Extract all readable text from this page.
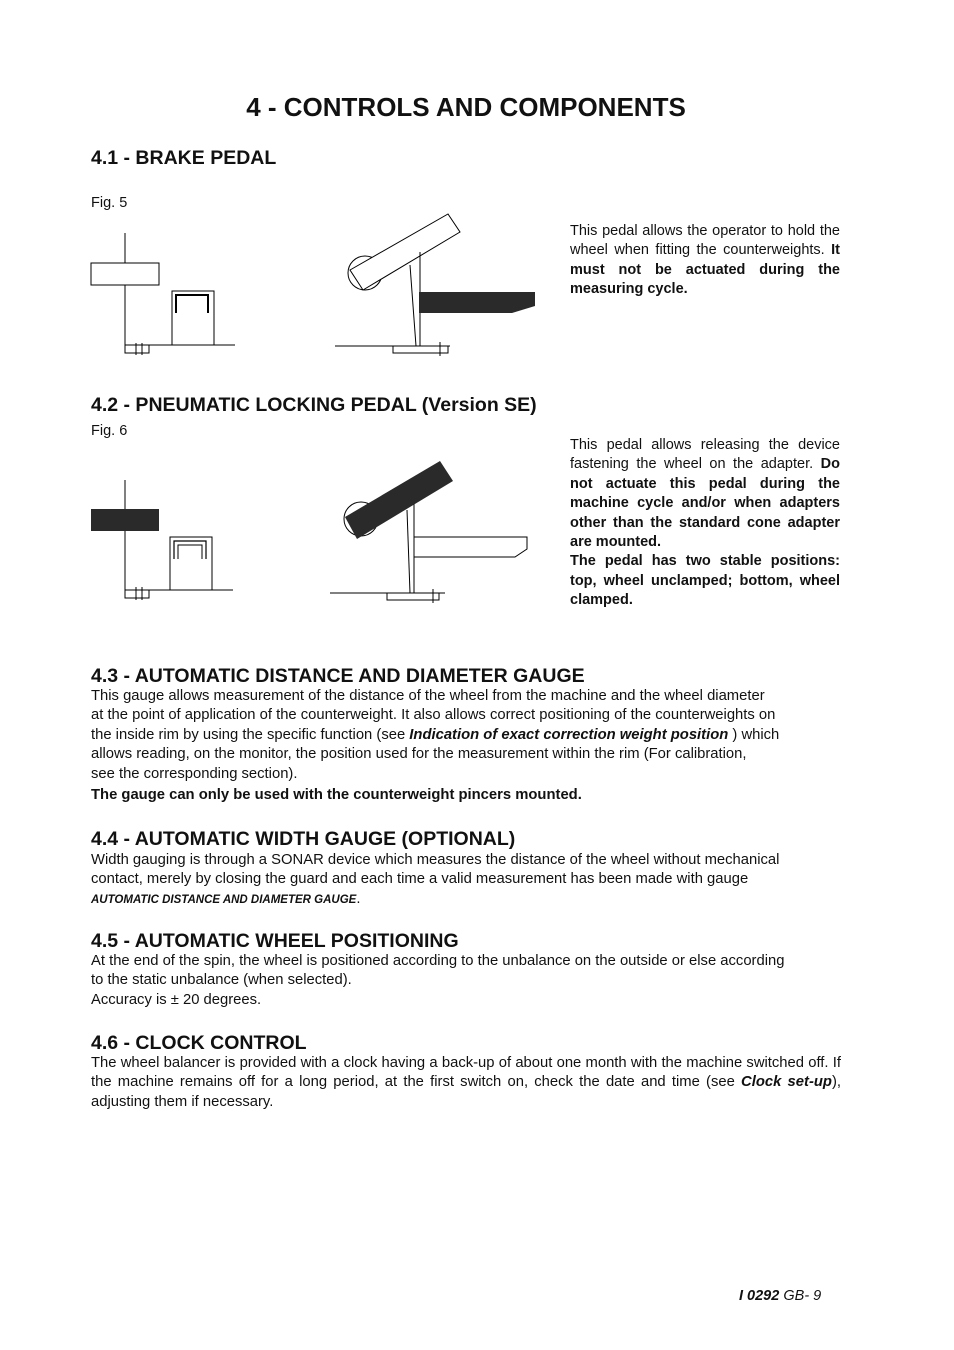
4 - CONTROLS AND COMPONENTS
4.1 - BRAKE PEDAL
Fig. 5
This pedal allows the operator to hold the wheel when fitting the counterweights. It must not be actuated during the measuring cycle.
4.2 - PNEUMATIC LOCKING PEDAL (Version SE)
Fig. 6
This pedal allows releasing the device fastening the wheel on the adapter. Do not actuate this pedal during the machine cycle and/or when adapters other than the standard cone adapter are mounted.
The pedal has two stable positions: top, wheel unclamped; bottom, wheel clamped.
4.3 - AUTOMATIC DISTANCE AND DIAMETER GAUGE
This gauge allows measurement of the distance of the wheel from the machine and the wheel diameter
at the point of application of the counterweight. It also allows correct positioning of the counterweights on
the inside rim by using the specific function (see Indication of exact correction weight position ) which
allows reading, on the monitor, the position used for the measurement within the rim (For calibration,
see the corresponding section).
The gauge can only be used with the counterweight pincers mounted.
4.4 - AUTOMATIC WIDTH GAUGE (OPTIONAL)
Width gauging is through a SONAR device which measures the distance of the wheel without mechanical
contact, merely by closing the guard and each time a valid measurement has been made with gauge
AUTOMATIC DISTANCE AND DIAMETER GAUGE.
4.5 - AUTOMATIC WHEEL POSITIONING
At the end of the spin, the wheel is positioned according to the unbalance on the outside or else according
to the static unbalance (when selected).
Accuracy is ± 20 degrees.
4.6 - CLOCK CONTROL
The wheel balancer is provided with a clock having a back-up of about one month with the machine switched off. If the machine remains off for a long period, at the first switch on, check the date and time (see Clock set-up), adjusting them if necessary.
I 0292 GB- 9
